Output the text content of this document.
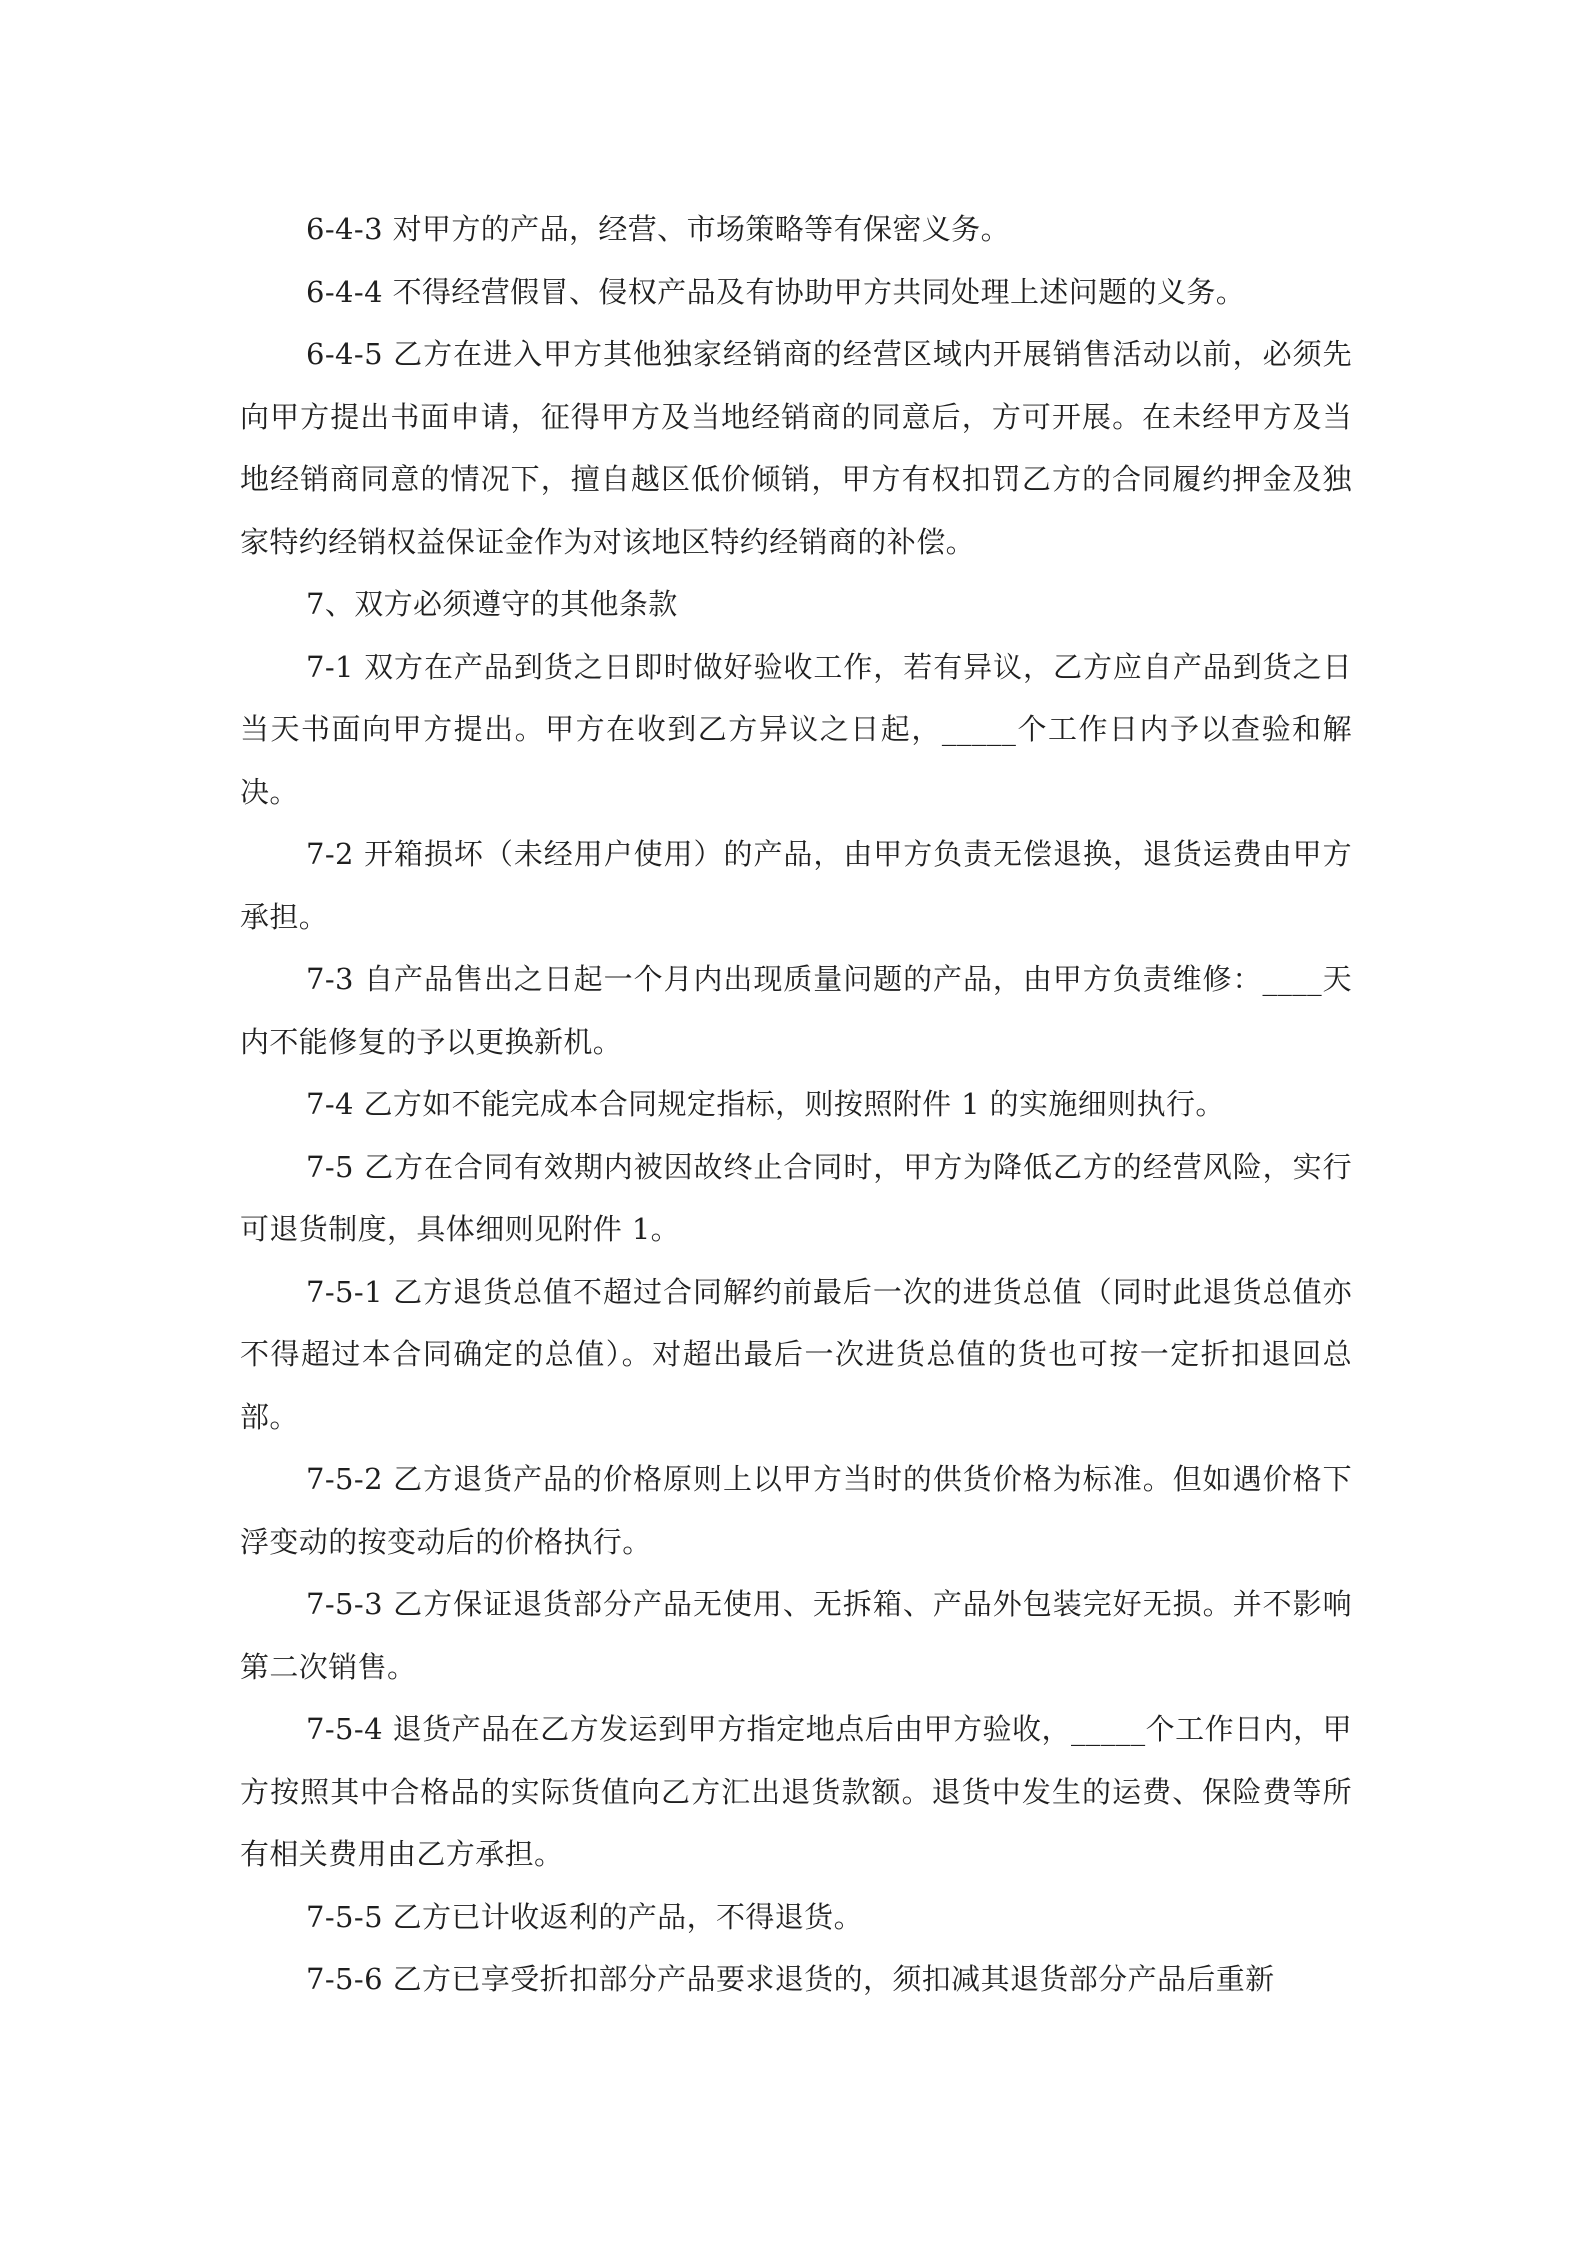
6-4-3 对甲方的产品，经营、市场策略等有保密义务。

6-4-4 不得经营假冒、侵权产品及有协助甲方共同处理上述问题的义务。

6-4-5 乙方在进入甲方其他独家经销商的经营区域内开展销售活动以前，必须先向甲方提出书面申请，征得甲方及当地经销商的同意后，方可开展。在未经甲方及当地经销商同意的情况下，擅自越区低价倾销，甲方有权扣罚乙方的合同履约押金及独家特约经销权益保证金作为对该地区特约经销商的补偿。

7、双方必须遵守的其他条款

7-1 双方在产品到货之日即时做好验收工作，若有异议，乙方应自产品到货之日当天书面向甲方提出。甲方在收到乙方异议之日起，_____个工作日内予以查验和解决。

7-2 开箱损坏（未经用户使用）的产品，由甲方负责无偿退换，退货运费由甲方承担。

7-3 自产品售出之日起一个月内出现质量问题的产品，由甲方负责维修：____天内不能修复的予以更换新机。

7-4 乙方如不能完成本合同规定指标，则按照附件 1 的实施细则执行。

7-5 乙方在合同有效期内被因故终止合同时，甲方为降低乙方的经营风险，实行可退货制度，具体细则见附件 1。

7-5-1 乙方退货总值不超过合同解约前最后一次的进货总值（同时此退货总值亦不得超过本合同确定的总值）。对超出最后一次进货总值的货也可按一定折扣退回总部。

7-5-2 乙方退货产品的价格原则上以甲方当时的供货价格为标准。但如遇价格下浮变动的按变动后的价格执行。

7-5-3 乙方保证退货部分产品无使用、无拆箱、产品外包装完好无损。并不影响第二次销售。

7-5-4 退货产品在乙方发运到甲方指定地点后由甲方验收，_____个工作日内，甲方按照其中合格品的实际货值向乙方汇出退货款额。退货中发生的运费、保险费等所有相关费用由乙方承担。

7-5-5 乙方已计收返利的产品，不得退货。

7-5-6 乙方已享受折扣部分产品要求退货的，须扣减其退货部分产品后重新
